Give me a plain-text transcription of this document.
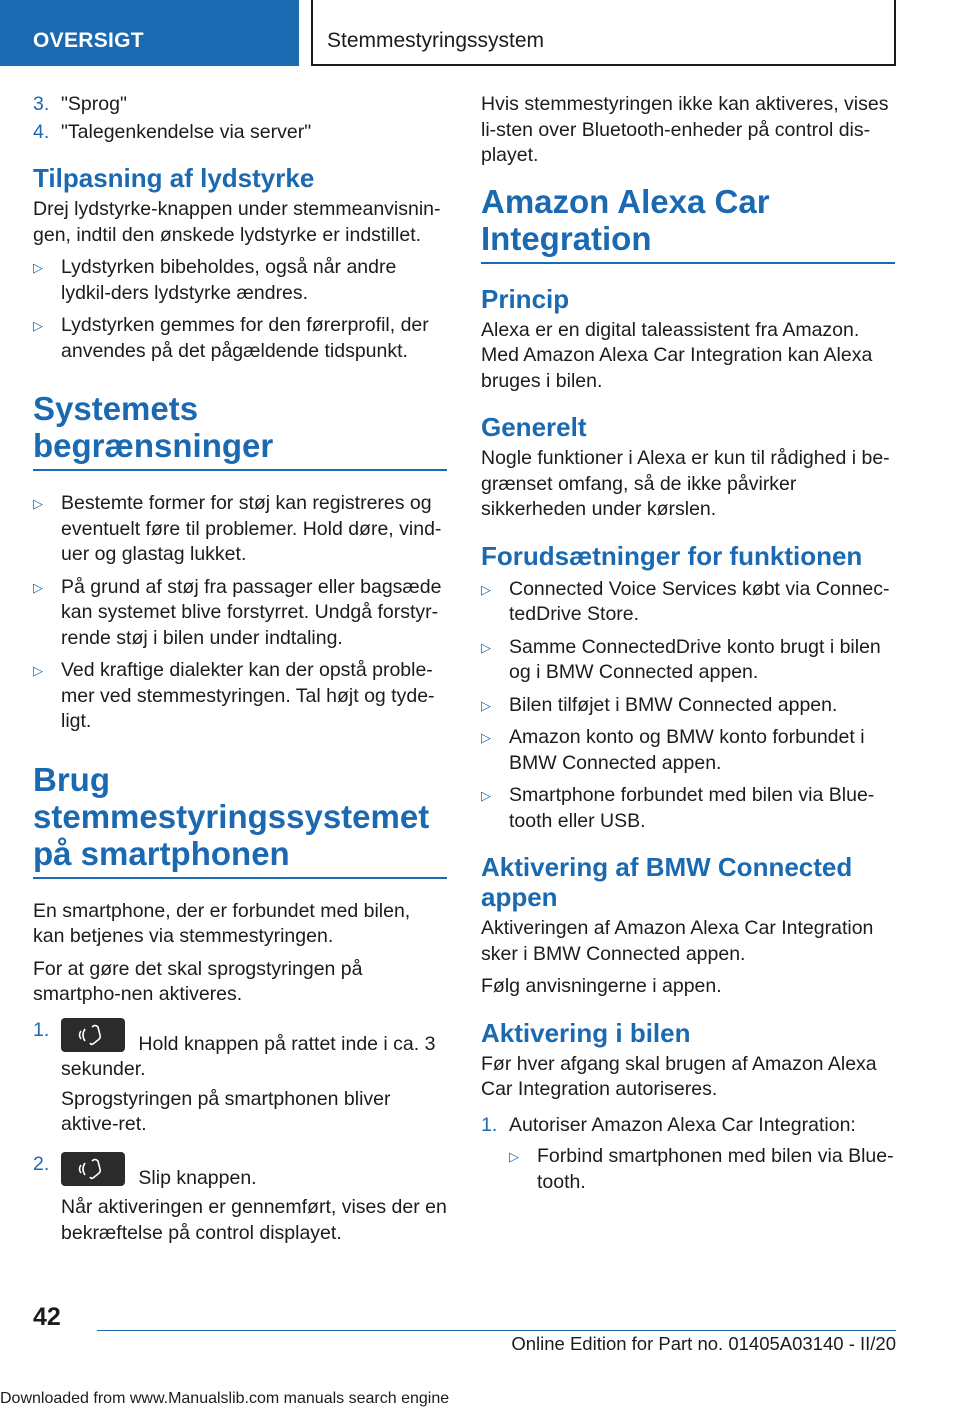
OVERSIGT	Stemmestyringssystem
3. "Sprog"
4. "Talegenkendelse via server"
Tilpasning af lydstyrke

Drej lydstyrke-knappen under stemmeanvisnin-gen, indtil den ønskede lydstyrke er indstillet.

▷ Lydstyrken bibeholdes, også når andre lydkil-ders lydstyrke ændres.
▷ Lydstyrken gemmes for den førerprofil, der anvendes på det pågældende tidspunkt.
Systemets begrænsninger
▷ Bestemte former for støj kan registreres og eventuelt føre til problemer. Hold døre, vind-uer og glastag lukket.
▷ På grund af støj fra passager eller bagsæde kan systemet blive forstyrret. Undgå forstyr-rende støj i bilen under indtaling.
▷ Ved kraftige dialekter kan der opstå proble-mer ved stemmestyringen. Tal højt og tyde-ligt.
Brug stemmestyringssystemet på smartphonen

En smartphone, der er forbundet med bilen, kan betjenes via stemmestyringen.

For at gøre det skal sprogstyringen på smartpho-nen aktiveres.

1.
Hold knappen på rattet inde i ca. 3 sekunder.
Sprogstyringen på smartphonen bliver aktive-ret.
2.
Slip knappen.
Når aktiveringen er gennemført, vises der en bekræftelse på control displayet.

Hvis stemmestyringen ikke kan aktiveres, vises li-sten over Bluetooth-enheder på control dis-playet.

Amazon Alexa Car Integration
Princip

Alexa er en digital taleassistent fra Amazon. Med Amazon Alexa Car Integration kan Alexa bruges i bilen.

Generelt

Nogle funktioner i Alexa er kun til rådighed i be-grænset omfang, så de ikke påvirker sikkerheden under kørslen.

Forudsætninger for funktionen
▷ Connected Voice Services købt via Connec-tedDrive Store.
▷ Samme ConnectedDrive konto brugt i bilen og i BMW Connected appen.
▷ Bilen tilføjet i BMW Connected appen.
▷ Amazon konto og BMW konto forbundet i BMW Connected appen.
▷ Smartphone forbundet med bilen via Blue-tooth eller USB.
Aktivering af BMW Connected appen

Aktiveringen af Amazon Alexa Car Integration sker i BMW Connected appen.

Følg anvisningerne i appen.

Aktivering i bilen

Før hver afgang skal brugen af Amazon Alexa Car Integration autoriseres.

1. Autoriser Amazon Alexa Car Integration:
▷ Forbind smartphonen med bilen via Blue-tooth.
42
Online Edition for Part no. 01405A03140 - II/20
Downloaded from www.Manualslib.com manuals search engine
